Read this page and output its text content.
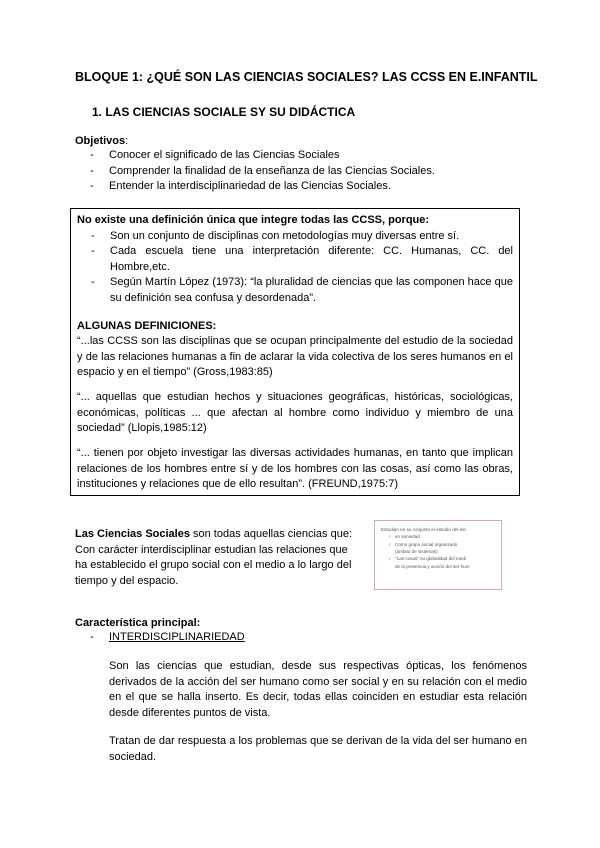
BLOQUE 1: ¿QUÉ SON LAS CIENCIAS SOCIALES? LAS CCSS EN E.INFANTIL
1. LAS CIENCIAS SOCIALE SY SU DIDÁCTICA
Objetivos:
- Conocer el significado de las Ciencias Sociales
- Comprender la finalidad de la enseñanza de las Ciencias Sociales.
- Entender la interdisciplinariedad de las Ciencias Sociales.
No existe una definición única que integre todas las CCSS, porque:
- Son un conjunto de disciplinas con metodologías muy diversas entre sí.
- Cada escuela tiene una interpretación diferente: CC. Humanas, CC. del Hombre,etc.
- Según Martín López (1973): “la pluralidad de ciencias que las componen hace que su definición sea confusa y desordenada”.
ALGUNAS DEFINICIONES:

“...las CCSS son las disciplinas que se ocupan principalmente del estudio de la sociedad y de las relaciones humanas a fin de aclarar la vida colectiva de los seres humanos en el espacio y en el tiempo” (Gross,1983:85)

“... aquellas que estudian hechos y situaciones geográficas, históricas, sociológicas, económicas, políticas ... que afectan al hombre como individuo y miembro de una sociedad” (Llopis,1985:12)

“... tienen por objeto investigar las diversas actividades humanas, en tanto que implican relaciones de los hombres entre sí y de los hombres con las cosas, así como las obras, instituciones y relaciones que de ello resultan”. (FREUND,1975:7)

Las Ciencias Sociales son todas aquellas ciencias que: Con carácter interdisciplinar estudian las relaciones que ha establecido el grupo social con el medio a lo largo del tiempo y del espacio.
Estudian en su conjunto el estudio del ser
✓ en sociedad
✓ Como grupo social organizado
(ámbito de sistemas)
✓ "Las cosas" su globalidad del medi
de la presencia y acción del ser hum
Característica principal:
- INTERDISCIPLINARIEDAD

Son las ciencias que estudian, desde sus respectivas ópticas, los fenómenos derivados de la acción del ser humano como ser social y en su relación con el medio en el que se halla inserto. Es decir, todas ellas coinciden en estudiar esta relación desde diferentes puntos de vista.

Tratan de dar respuesta a los problemas que se derivan de la vida del ser humano en sociedad.
